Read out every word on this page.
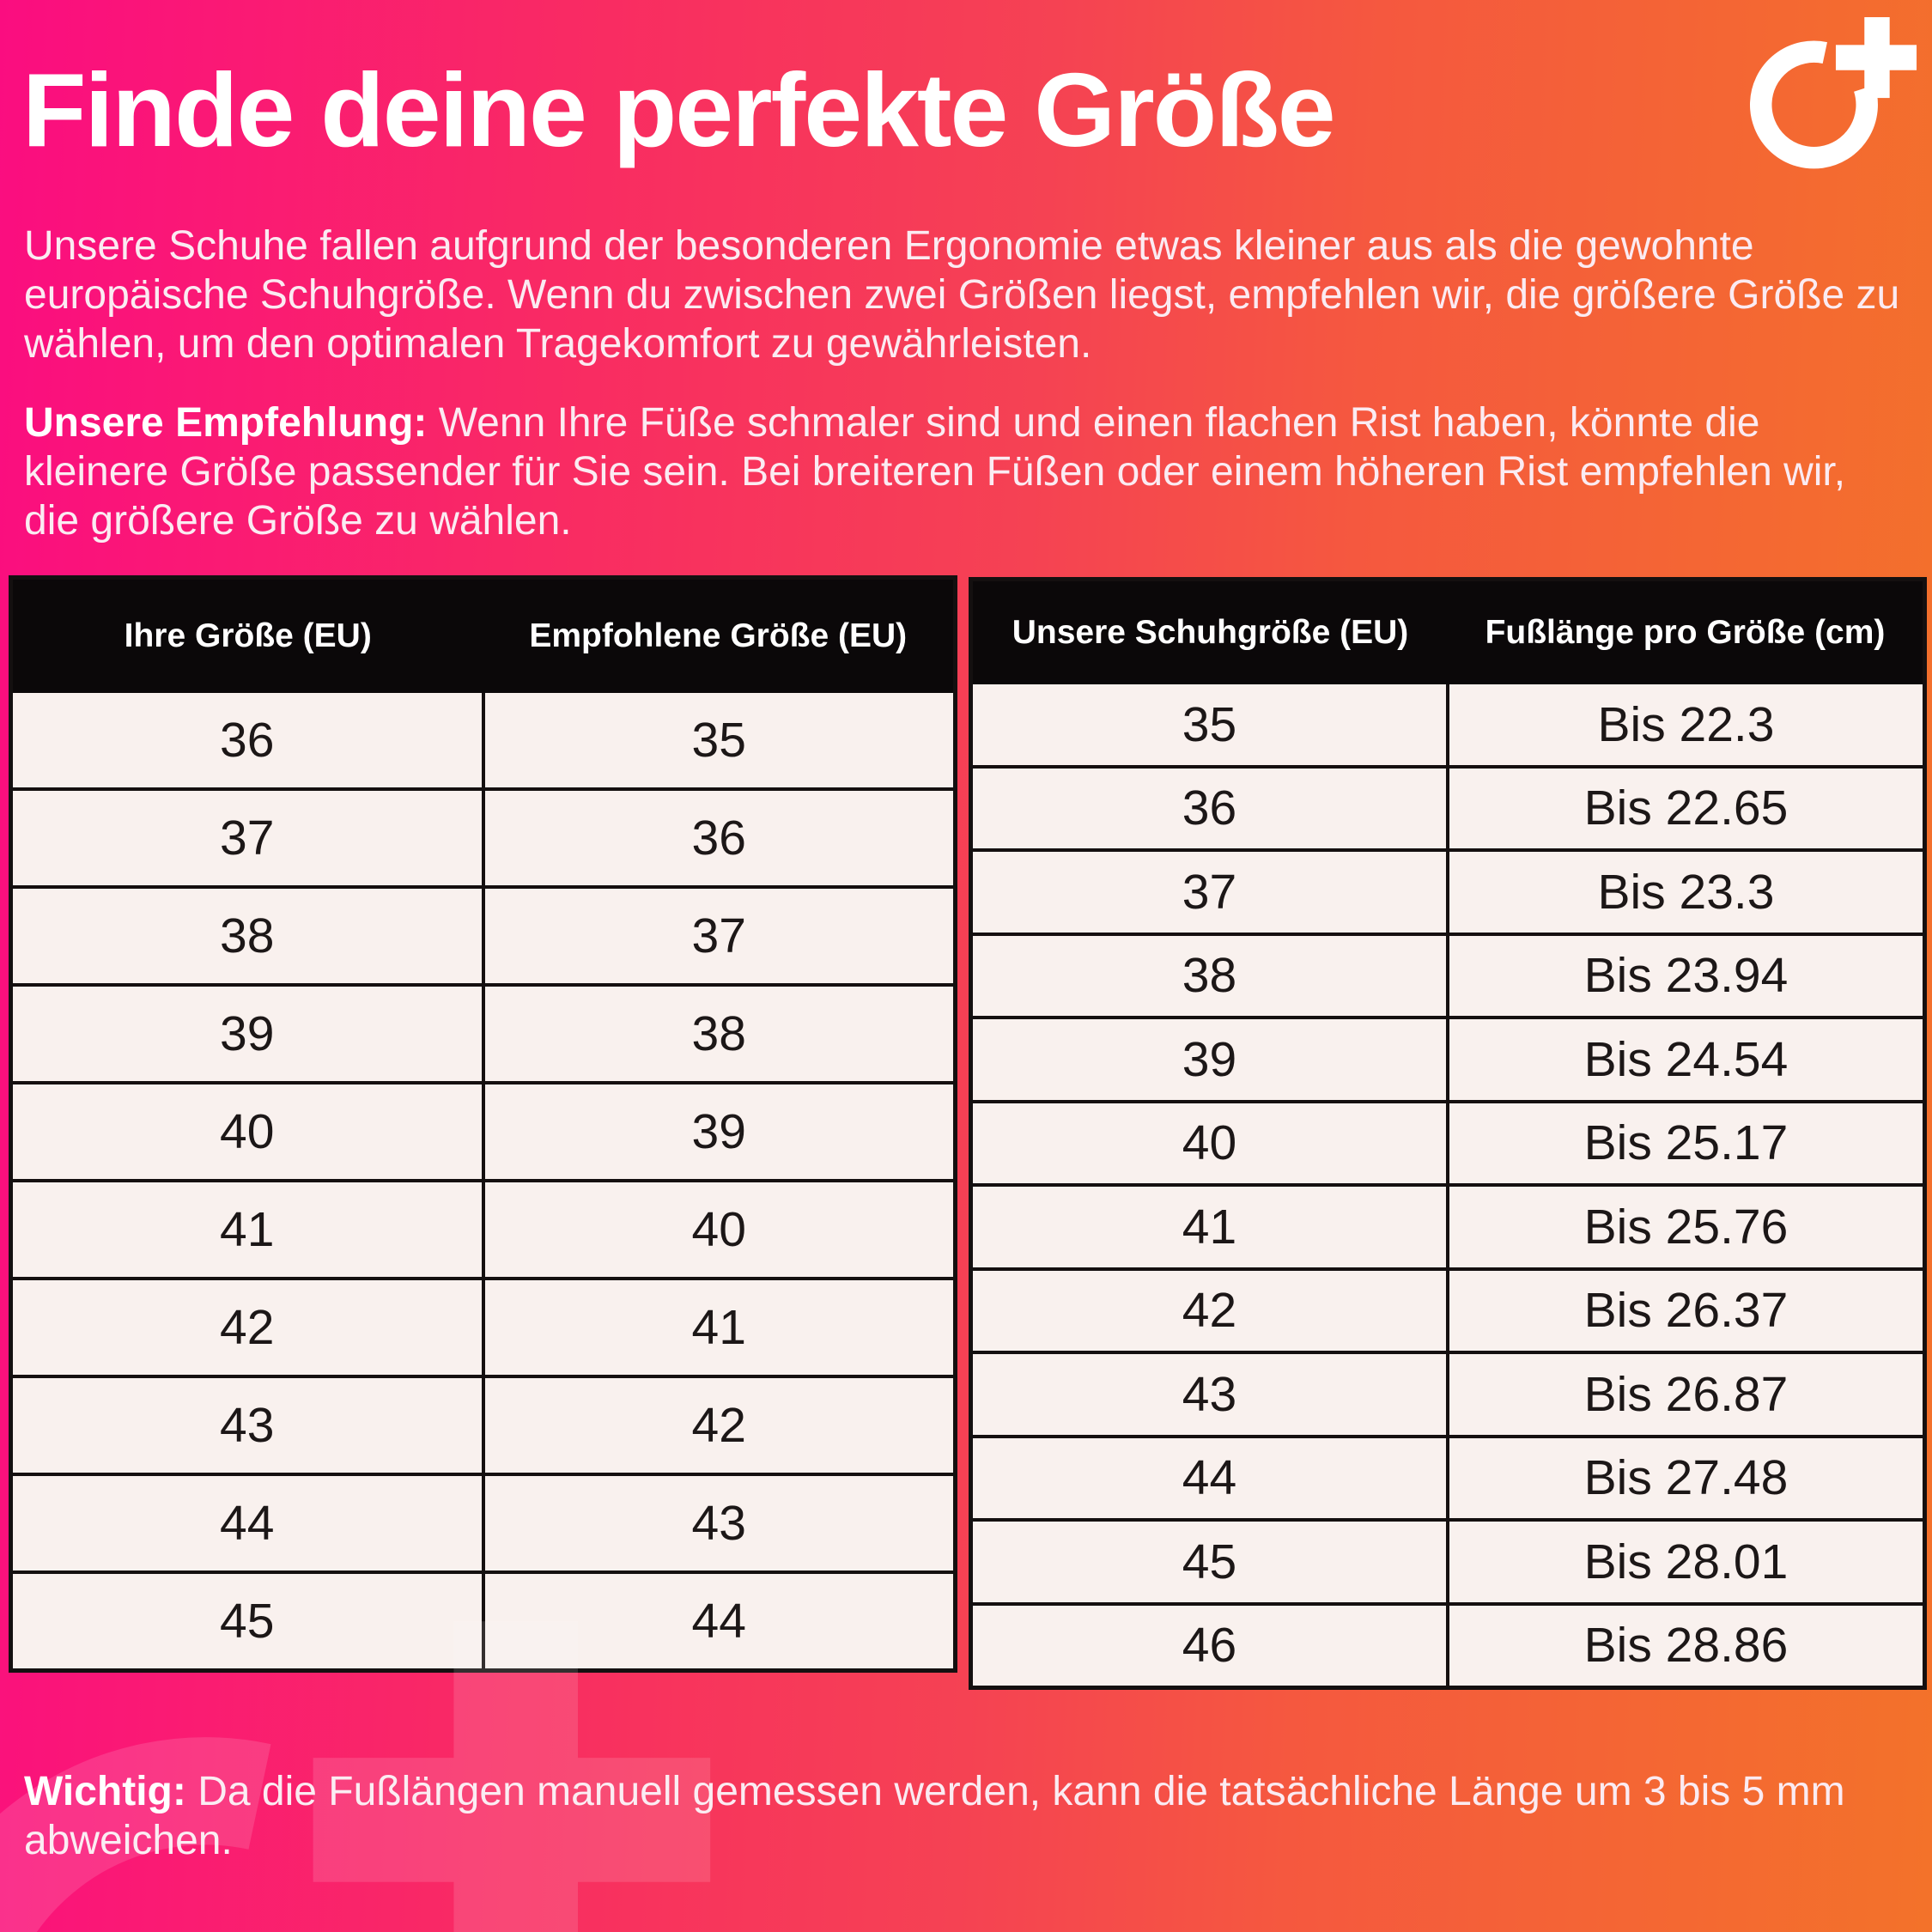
Finde deine perfekte Größe

Unsere Schuhe fallen aufgrund der besonderen Ergonomie etwas kleiner aus als die gewohnte europäische Schuhgröße. Wenn du zwischen zwei Größen liegst, empfehlen wir, die größere Größe zu wählen, um den optimalen Tragekomfort zu gewährleisten.

Unsere Empfehlung: Wenn Ihre Füße schmaler sind und einen flachen Rist haben, könnte die kleinere Größe passender für Sie sein. Bei breiteren Füßen oder einem höheren Rist empfehlen wir, die größere Größe zu wählen.

Ihre Größe (EU)	Empfohlene Größe (EU)
36	35
37	36
38	37
39	38
40	39
41	40
42	41
43	42
44	43
45	44
Unsere Schuhgröße (EU)	Fußlänge pro Größe (cm)
35	Bis 22.3
36	Bis 22.65
37	Bis 23.3
38	Bis 23.94
39	Bis 24.54
40	Bis 25.17
41	Bis 25.76
42	Bis 26.37
43	Bis 26.87
44	Bis 27.48
45	Bis 28.01
46	Bis 28.86

Wichtig: Da die Fußlängen manuell gemessen werden, kann die tatsächliche Länge um 3 bis 5 mm abweichen.
